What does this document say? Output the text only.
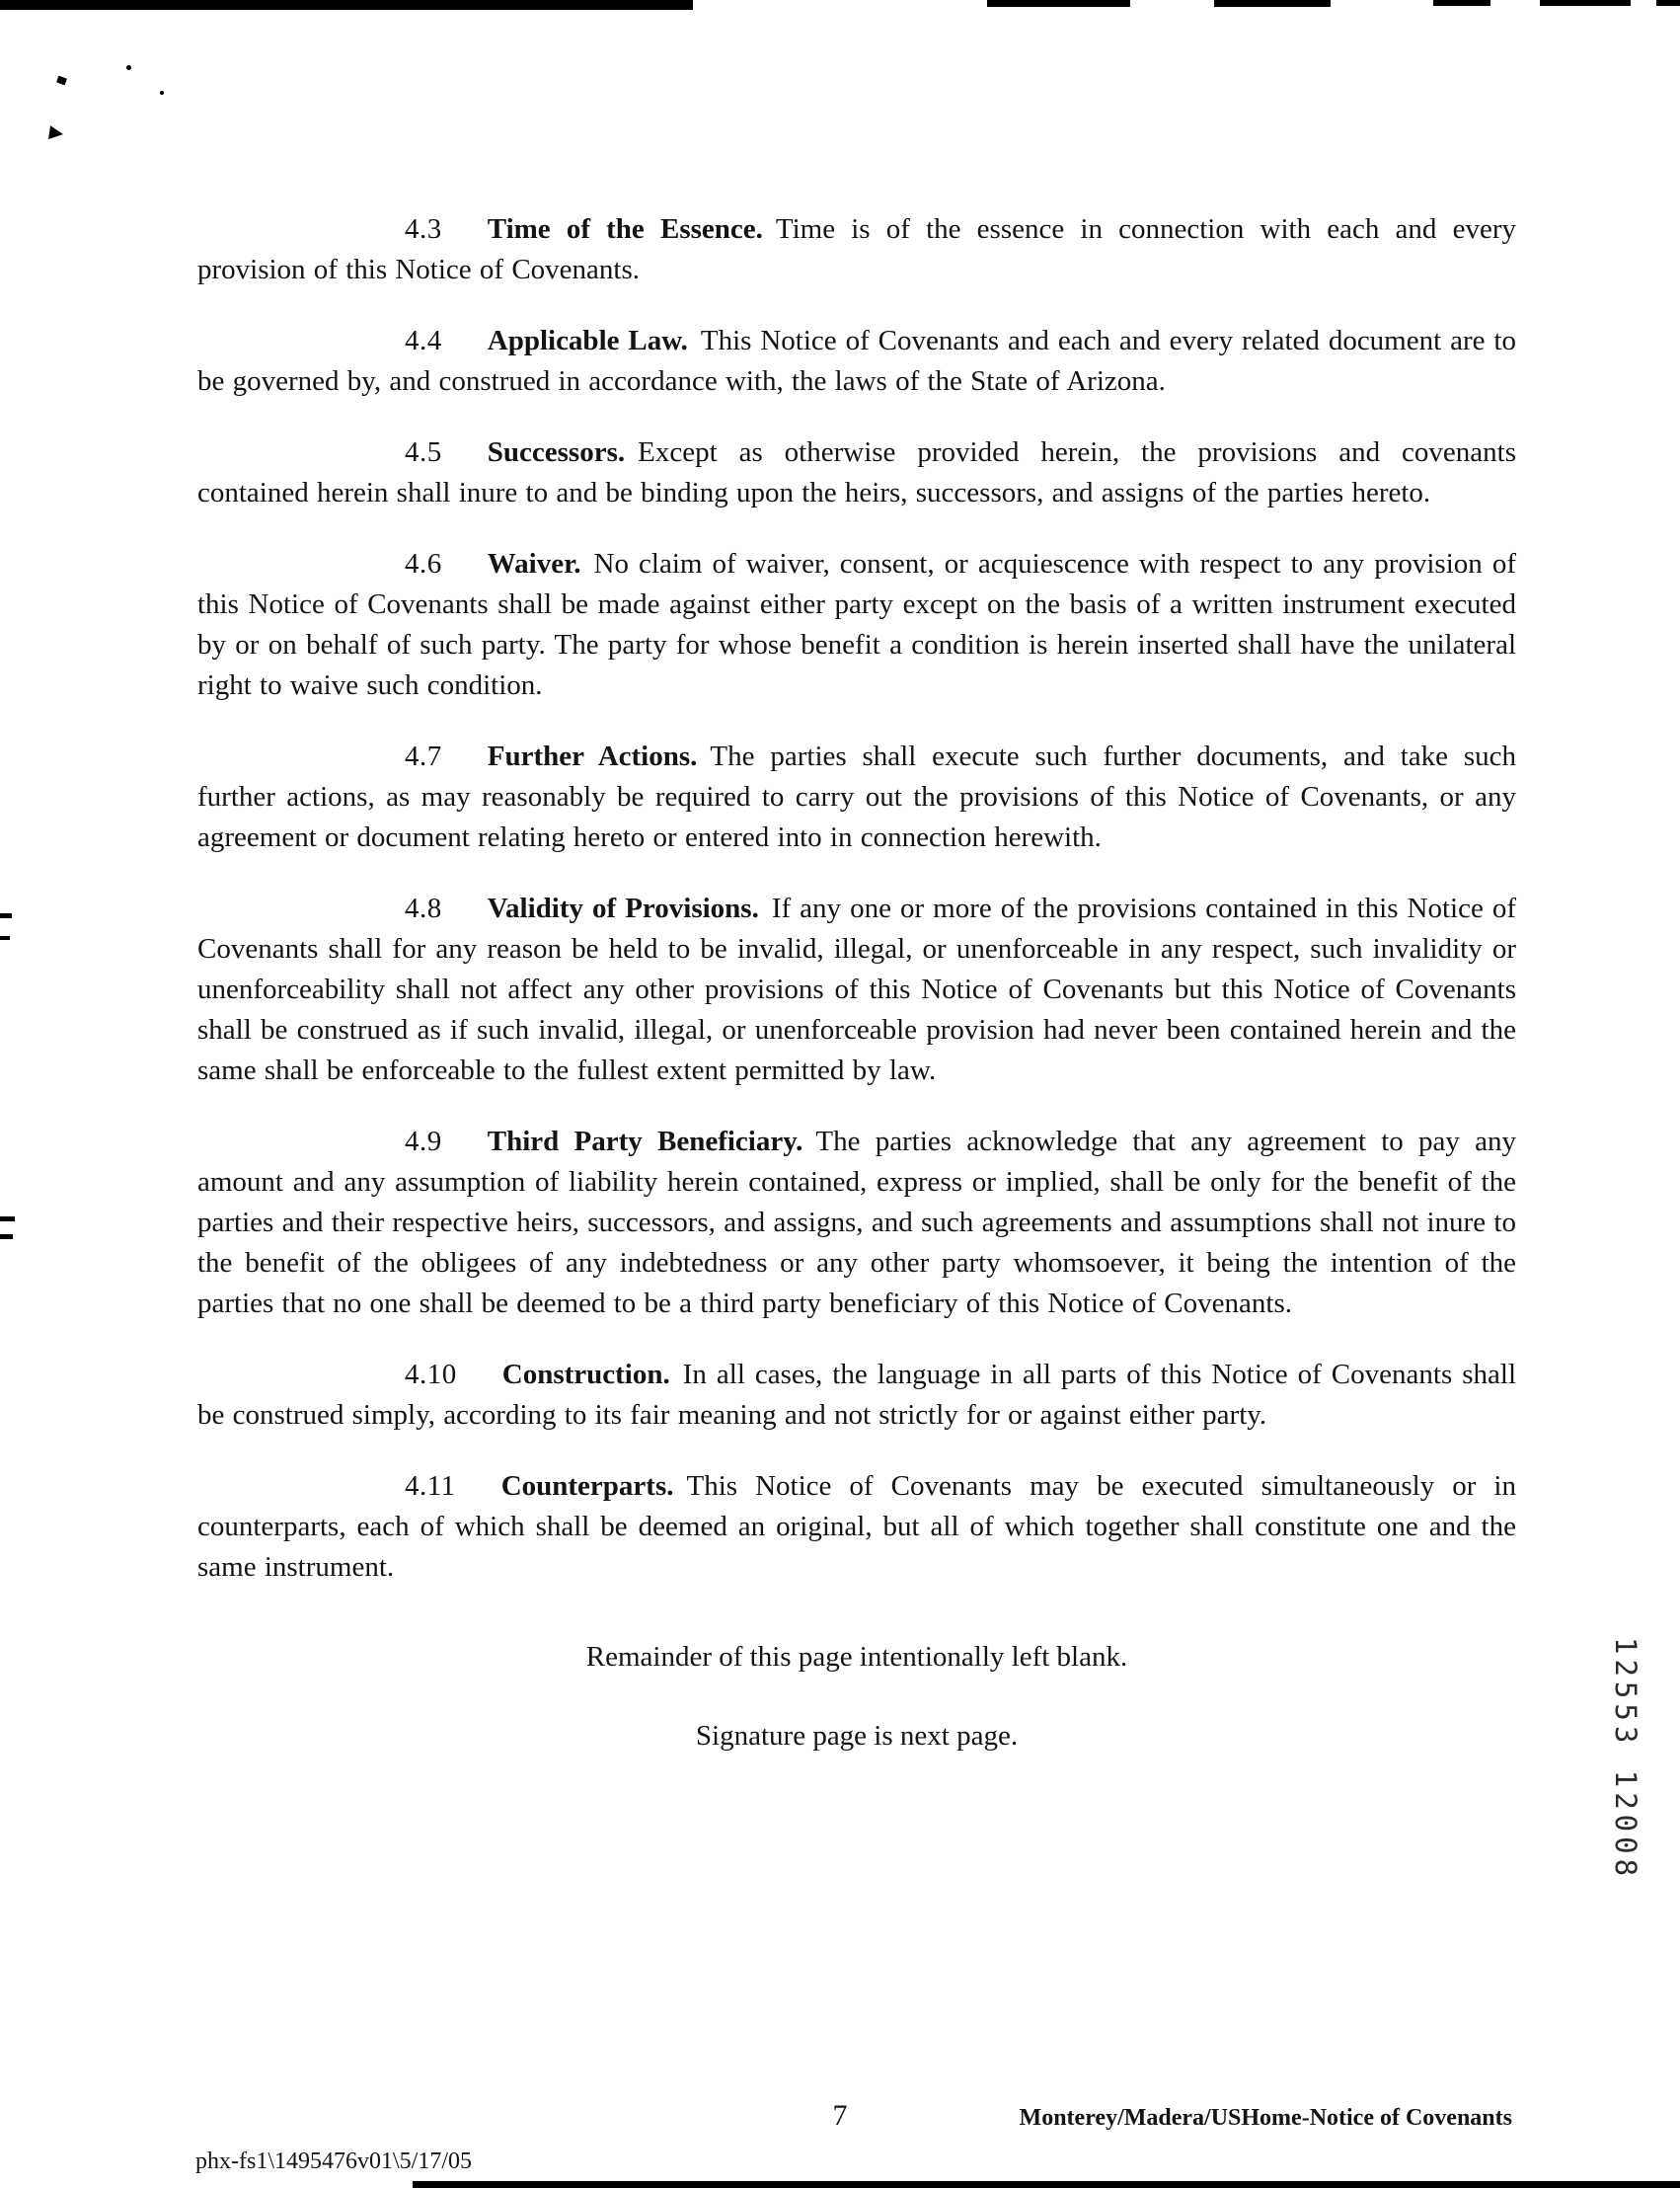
4.3 Time of the Essence. Time is of the essence in connection with each and every provision of this Notice of Covenants.

4.4 Applicable Law. This Notice of Covenants and each and every related document are to be governed by, and construed in accordance with, the laws of the State of Arizona.

4.5 Successors. Except as otherwise provided herein, the provisions and covenants contained herein shall inure to and be binding upon the heirs, successors, and assigns of the parties hereto.

4.6 Waiver. No claim of waiver, consent, or acquiescence with respect to any provision of this Notice of Covenants shall be made against either party except on the basis of a written instrument executed by or on behalf of such party. The party for whose benefit a condition is herein inserted shall have the unilateral right to waive such condition.

4.7 Further Actions. The parties shall execute such further documents, and take such further actions, as may reasonably be required to carry out the provisions of this Notice of Covenants, or any agreement or document relating hereto or entered into in connection herewith.

4.8 Validity of Provisions. If any one or more of the provisions contained in this Notice of Covenants shall for any reason be held to be invalid, illegal, or unenforceable in any respect, such invalidity or unenforceability shall not affect any other provisions of this Notice of Covenants but this Notice of Covenants shall be construed as if such invalid, illegal, or unenforceable provision had never been contained herein and the same shall be enforceable to the fullest extent permitted by law.

4.9 Third Party Beneficiary. The parties acknowledge that any agreement to pay any amount and any assumption of liability herein contained, express or implied, shall be only for the benefit of the parties and their respective heirs, successors, and assigns, and such agreements and assumptions shall not inure to the benefit of the obligees of any indebtedness or any other party whomsoever, it being the intention of the parties that no one shall be deemed to be a third party beneficiary of this Notice of Covenants.

4.10 Construction. In all cases, the language in all parts of this Notice of Covenants shall be construed simply, according to its fair meaning and not strictly for or against either party.

4.11 Counterparts. This Notice of Covenants may be executed simultaneously or in counterparts, each of which shall be deemed an original, but all of which together shall constitute one and the same instrument.

Remainder of this page intentionally left blank.

Signature page is next page.	12553 12008
7	Monterey/Madera/USHome-Notice of Covenants
phx-fs1\1495476v01\5/17/05
